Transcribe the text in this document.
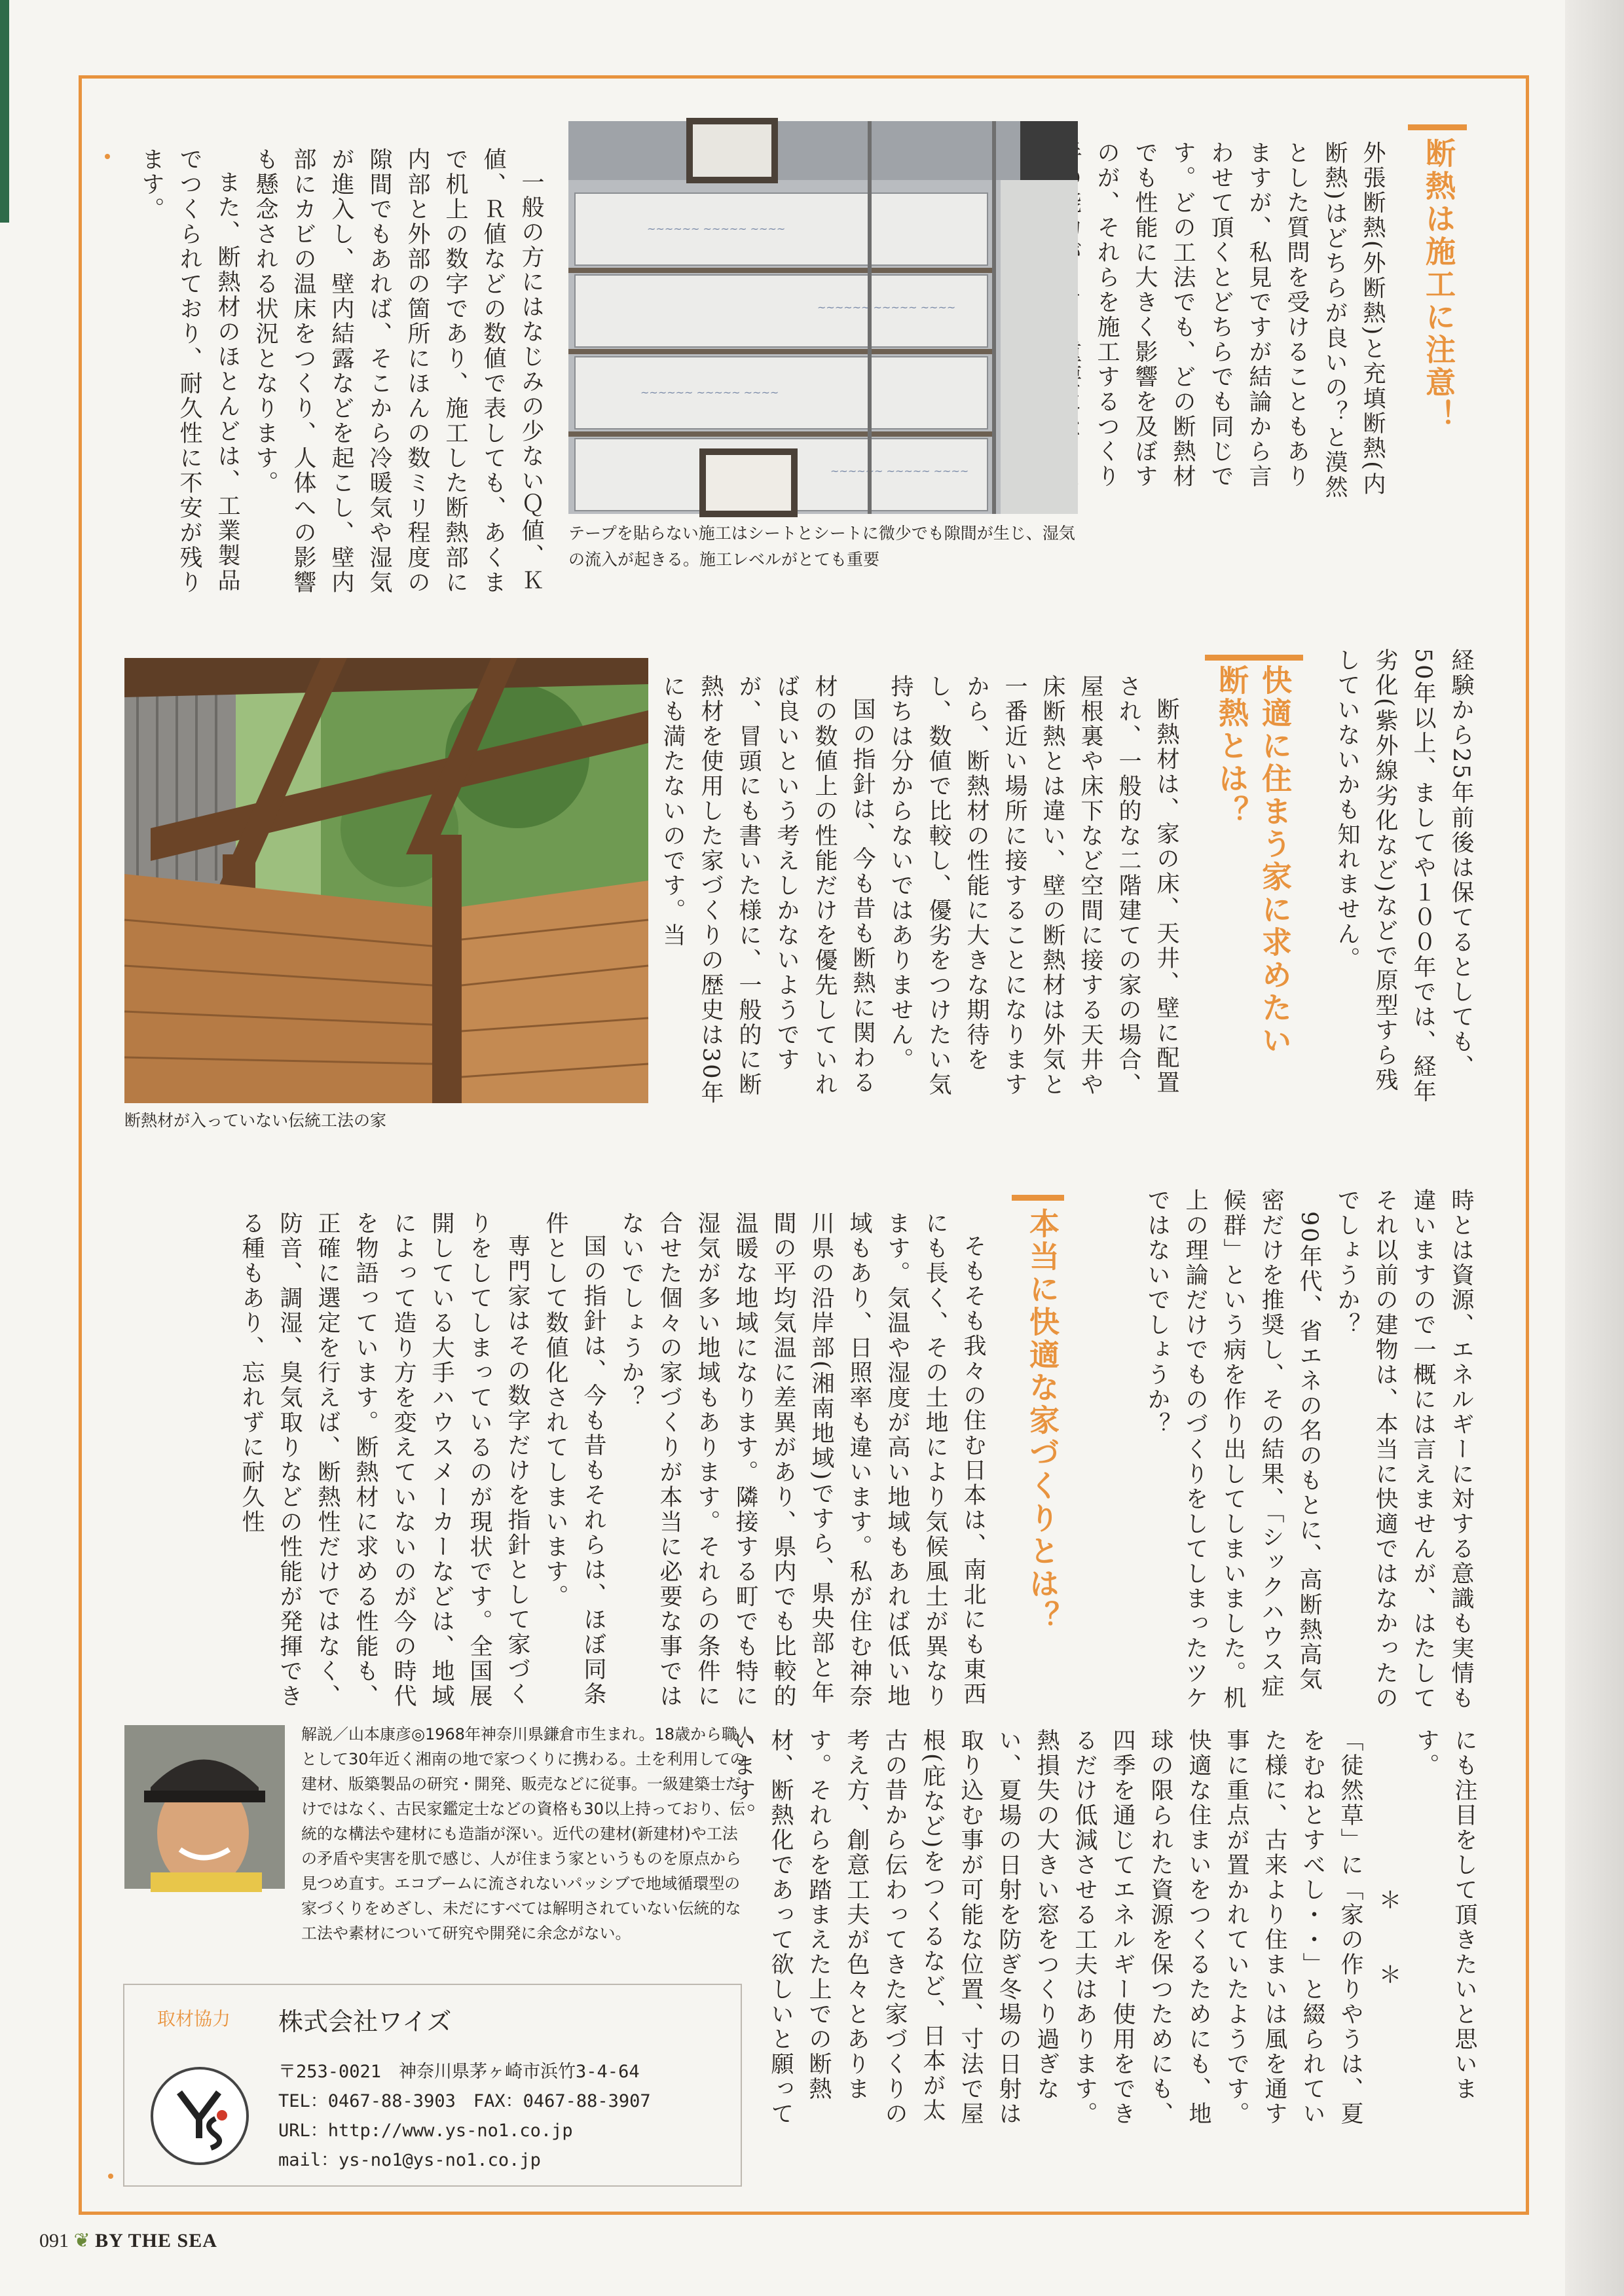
断熱は施工に注意！

外張断熱(外断熱)と充填断熱(内断熱)はどちらが良いの？と漠然とした質問を受けることもありますが、私見ですが結論から言わせて頂くとどちらでも同じです。どの工法でも、どの断熱材でも性能に大きく影響を及ぼすのが、それらを施工するつくり

~~~~~~ ~~~~~ ~~~~
~~~~~~ ~~~~~ ~~~~
~~~~~~ ~~~~~ ~~~~
~~~~~~ ~~~~~ ~~~~
テープを貼らない施工はシートとシートに微少でも隙間が生じ、湿気の流入が起きる。施工レベルがとても重要

一般の方にはなじみの少ないＱ値、Ｋ値、Ｒ値などの数値で表しても、あくまで机上の数字であり、施工した断熱部に内部と外部の箇所にほんの数ミリ程度の隙間でもあれば、そこから冷暖気や湿気が進入し、壁内結露などを起こし、壁内部にカビの温床をつくり、人体への影響も懸念される状況となります。

また、断熱材のほとんどは、工業製品でつくられており、耐久性に不安が残ります。

経験から25年前後は保てるとしても、50年以上、ましてや１００年では、経年劣化(紫外線劣化など)などで原型すら残していないかも知れません。

快適に住まう家に求めたい断熱とは？

断熱材は、家の床、天井、壁に配置され、一般的な二階建ての家の場合、屋根裏や床下など空間に接する天井や床断熱とは違い、壁の断熱材は外気と一番近い場所に接することになりますから、断熱材の性能に大きな期待をし、数値で比較し、優劣をつけたい気持ちは分からないではありません。

国の指針は、今も昔も断熱に関わる材の数値上の性能だけを優先していれば良いという考えしかないようですが、冒頭にも書いた様に、一般的に断熱材を使用した家づくりの歴史は30年にも満たないのです。当

断熱材が入っていない伝統工法の家

時とは資源、エネルギーに対する意識も実情も違いますので一概には言えませんが、はたしてそれ以前の建物は、本当に快適ではなかったのでしょうか？

90年代、省エネの名のもとに、高断熱高気密だけを推奨し、その結果、「シックハウス症候群」という病を作り出してしまいました。机上の理論だけでものづくりをしてしまったツケではないでしょうか？

本当に快適な家づくりとは？

そもそも我々の住む日本は、南北にも東西にも長く、その土地により気候風土が異なります。気温や湿度が高い地域もあれば低い地域もあり、日照率も違います。私が住む神奈川県の沿岸部(湘南地域)ですら、県央部と年間の平均気温に差異があり、県内でも比較的温暖な地域になります。隣接する町でも特に湿気が多い地域もあります。それらの条件に合せた個々の家づくりが本当に必要な事ではないでしょうか？

国の指針は、今も昔もそれらは、ほぼ同条件として数値化されてしまいます。

専門家はその数字だけを指針として家づくりをしてしまっているのが現状です。全国展開している大手ハウスメーカーなどは、地域によって造り方を変えていないのが今の時代を物語っています。断熱材に求める性能も、正確に選定を行えば、断熱性だけではなく、防音、調湿、臭気取りなどの性能が発揮できる種もあり、忘れずに耐久性

にも注目をして頂きたいと思います。

＊　　＊

「徒然草」に「家の作りやうは、夏をむねとすべし・・」と綴られていた様に、古来より住まいは風を通す事に重点が置かれていたようです。快適な住まいをつくるためにも、地球の限られた資源を保つためにも、四季を通じてエネルギー使用をできるだけ低減させる工夫はあります。熱損失の大きい窓をつくり過ぎない、夏場の日射を防ぎ冬場の日射は取り込む事が可能な位置、寸法で屋根(庇など)をつくるなど、日本が太古の昔から伝わってきた家づくりの考え方、創意工夫が色々とあります。それらを踏まえた上での断熱材、断熱化であって欲しいと願っています。

解説／山本康彦◎1968年神奈川県鎌倉市生まれ。18歳から職人として30年近く湘南の地で家つくりに携わる。土を利用しての建材、版築製品の研究・開発、販売などに従事。一級建築士だけではなく、古民家鑑定士などの資格も30以上持っており、伝統的な構法や建材にも造詣が深い。近代の建材(新建材)や工法の矛盾や実害を肌で感じ、人が住まう家というものを原点から見つめ直す。エコブームに流されないパッシブで地域循環型の家づくりをめざし、未だにすべては解明されていない伝統的な工法や素材について研究や開発に余念がない。
取材協力 株式会社ワイズ
〒253-0021　神奈川県茅ヶ崎市浜竹3-4-64
TEL：0467-88-3903　FAX：0467-88-3907
URL：http://www.ys-no1.co.jp
mail：ys-no1@ys-no1.co.jp
091 ❦ BY THE SEA
